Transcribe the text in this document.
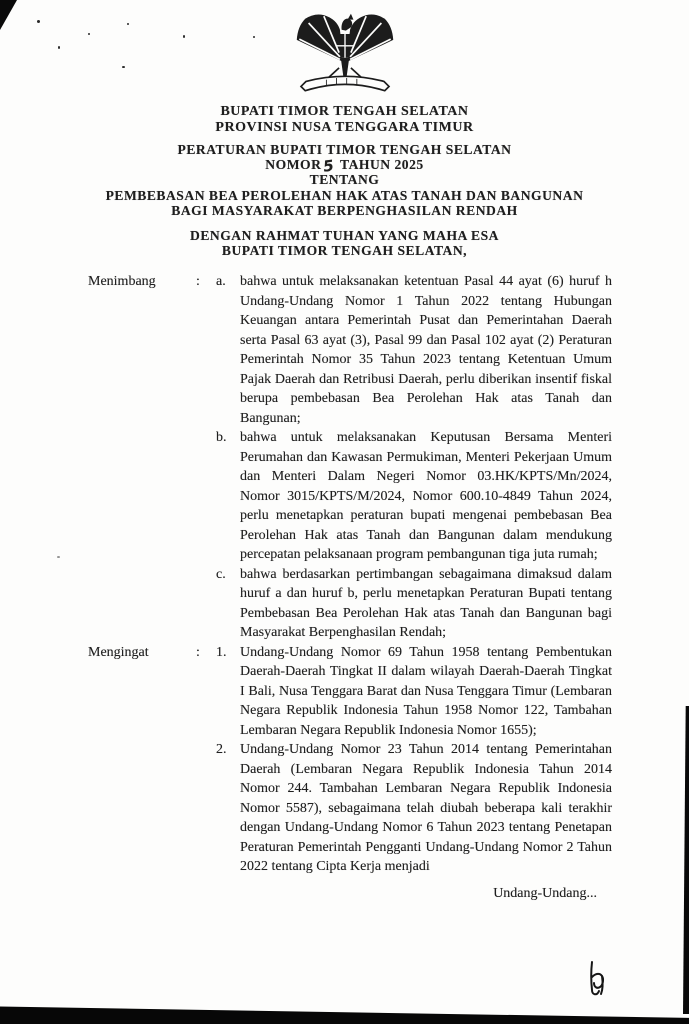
BUPATI TIMOR TENGAH SELATAN
PROVINSI NUSA TENGGARA TIMUR
PERATURAN BUPATI TIMOR TENGAH SELATAN
NOMOR5 TAHUN 2025
TENTANG
PEMBEBASAN BEA PEROLEHAN HAK ATAS TANAH DAN BANGUNAN
BAGI MASYARAKAT BERPENGHASILAN RENDAH
DENGAN RAHMAT TUHAN YANG MAHA ESA
BUPATI TIMOR TENGAH SELATAN,
Menimbang	:	a.	bahwa untuk melaksanakan ketentuan Pasal 44 ayat (6) huruf h Undang-Undang Nomor 1 Tahun 2022 tentang Hubungan Keuangan antara Pemerintah Pusat dan Pemerintahan Daerah serta Pasal 63 ayat (3), Pasal 99 dan Pasal 102 ayat (2) Peraturan Pemerintah Nomor 35 Tahun 2023 tentang Ketentuan Umum Pajak Daerah dan Retribusi Daerah, perlu diberikan insentif fiskal berupa pembebasan Bea Perolehan Hak atas Tanah dan Bangunan;

b. bahwa untuk melaksanakan Keputusan Bersama Menteri Perumahan dan Kawasan Permukiman, Menteri Pekerjaan Umum dan Menteri Dalam Negeri Nomor 03.HK/KPTS/Mn/2024, Nomor 3015/KPTS/M/2024, Nomor 600.10-4849 Tahun 2024, perlu menetapkan peraturan bupati mengenai pembebasan Bea Perolehan Hak atas Tanah dan Bangunan dalam mendukung percepatan pelaksanaan program pembangunan tiga juta rumah;

c.	bahwa berdasarkan pertimbangan sebagaimana dimaksud dalam huruf a dan huruf b, perlu menetapkan Peraturan Bupati tentang Pembebasan Bea Perolehan Hak atas Tanah dan Bangunan bagi Masyarakat Berpenghasilan Rendah;

Mengingat	:	1. Undang-Undang Nomor 69 Tahun 1958 tentang Pembentukan Daerah-Daerah Tingkat II dalam wilayah Daerah-Daerah Tingkat I Bali, Nusa Tenggara Barat dan Nusa Tenggara Timur (Lembaran Negara Republik Indonesia Tahun 1958 Nomor 122, Tambahan Lembaran Negara Republik Indonesia Nomor 1655);

2. Undang-Undang Nomor 23 Tahun 2014 tentang Pemerintahan Daerah (Lembaran Negara Republik Indonesia Tahun 2014 Nomor 244. Tambahan Lembaran Negara Republik Indonesia Nomor 5587), sebagaimana telah diubah beberapa kali terakhir dengan Undang-Undang Nomor 6 Tahun 2023 tentang Penetapan Peraturan Pemerintah Pengganti Undang-Undang Nomor 2 Tahun 2022 tentang Cipta Kerja menjadi

Undang-Undang...
